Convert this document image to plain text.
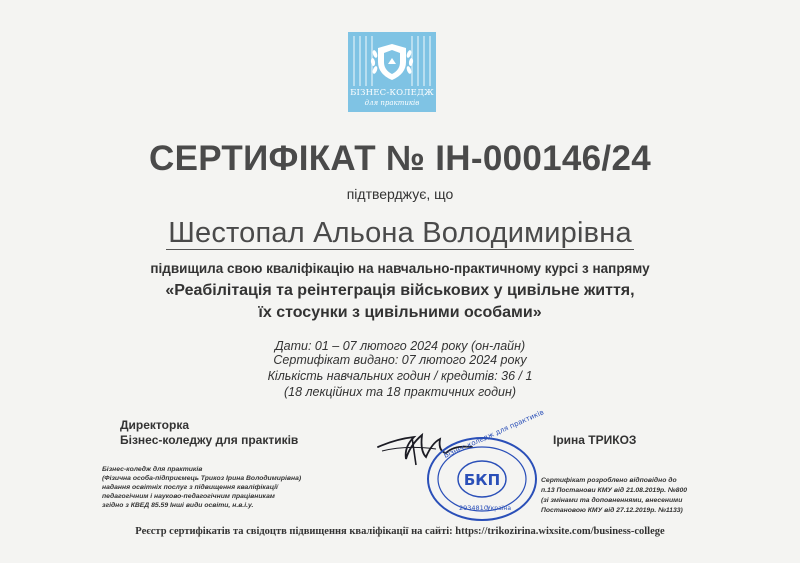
БІЗНЕС-КОЛЕДЖ
для практиків
СЕРТИФІКАТ № ІН-000146/24
підтверджує, що
Шестопал Альона Володимирівна
підвищила свою кваліфікацію на навчально-практичному курсі з напряму
«Реабілітація та реінтеграція військових у цивільне життя,
їх стосунки з цивільними особами»
Дати: 01 – 07 лютого 2024 року (он-лайн)
Сертифікат видано: 07 лютого 2024 року
Кількість навчальних годин / кредитів: 36 / 1
(18 лекційних та 18 практичних годин)
Директорка
Бізнес-коледжу для практиків	Ірина ТРИКОЗ
БКП
Бізнес-коледж для практиків
2934810 Україна
Бізнес-коледж для практиків
(Фізична особа-підприємець Трикоз Ірина Володимирівна)
надання освітніх послуг з підвищення кваліфікації
педагогічним і науково-педагогічним працівникам
згідно з КВЕД 85.59 Інші види освіти, н.в.і.у.
Сертифікат розроблено відповідно до
п.13 Постанови КМУ від 21.08.2019р. №800
(зі змінами та доповненнями, внесеними
Постановою КМУ від 27.12.2019р. №1133)
Реєстр сертифікатів та свідоцтв підвищення кваліфікації на сайті: https://trikozirina.wixsite.com/business-college
